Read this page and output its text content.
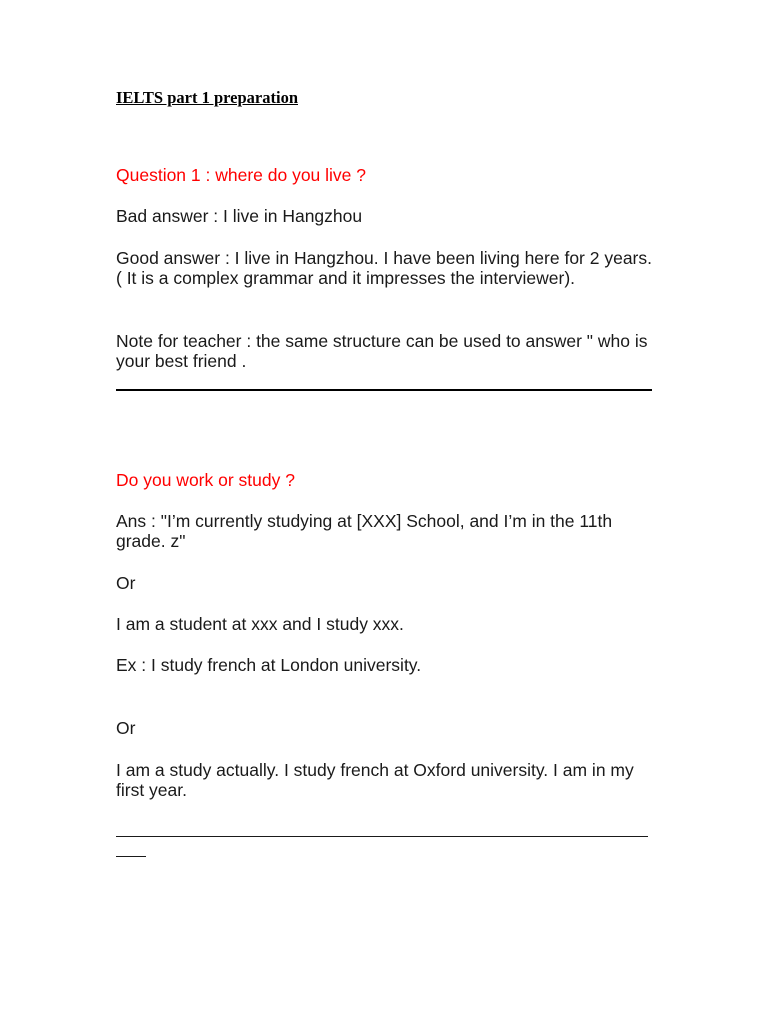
IELTS part 1 preparation

Question 1 : where do you live ?

Bad answer : I live in Hangzhou

Good answer : I live in Hangzhou. I have been living here for 2 years. ( It is a complex grammar and it impresses the interviewer).

Note for teacher : the same structure can be used to answer " who is your best friend .

Do you work or study ?

Ans : "I’m currently studying at [XXX] School, and I’m in the 11th grade. z"

Or

I am a student at xxx and I study xxx.

Ex : I study french at London university.

Or

I am a study actually. I study french at Oxford university. I am in my first year.
